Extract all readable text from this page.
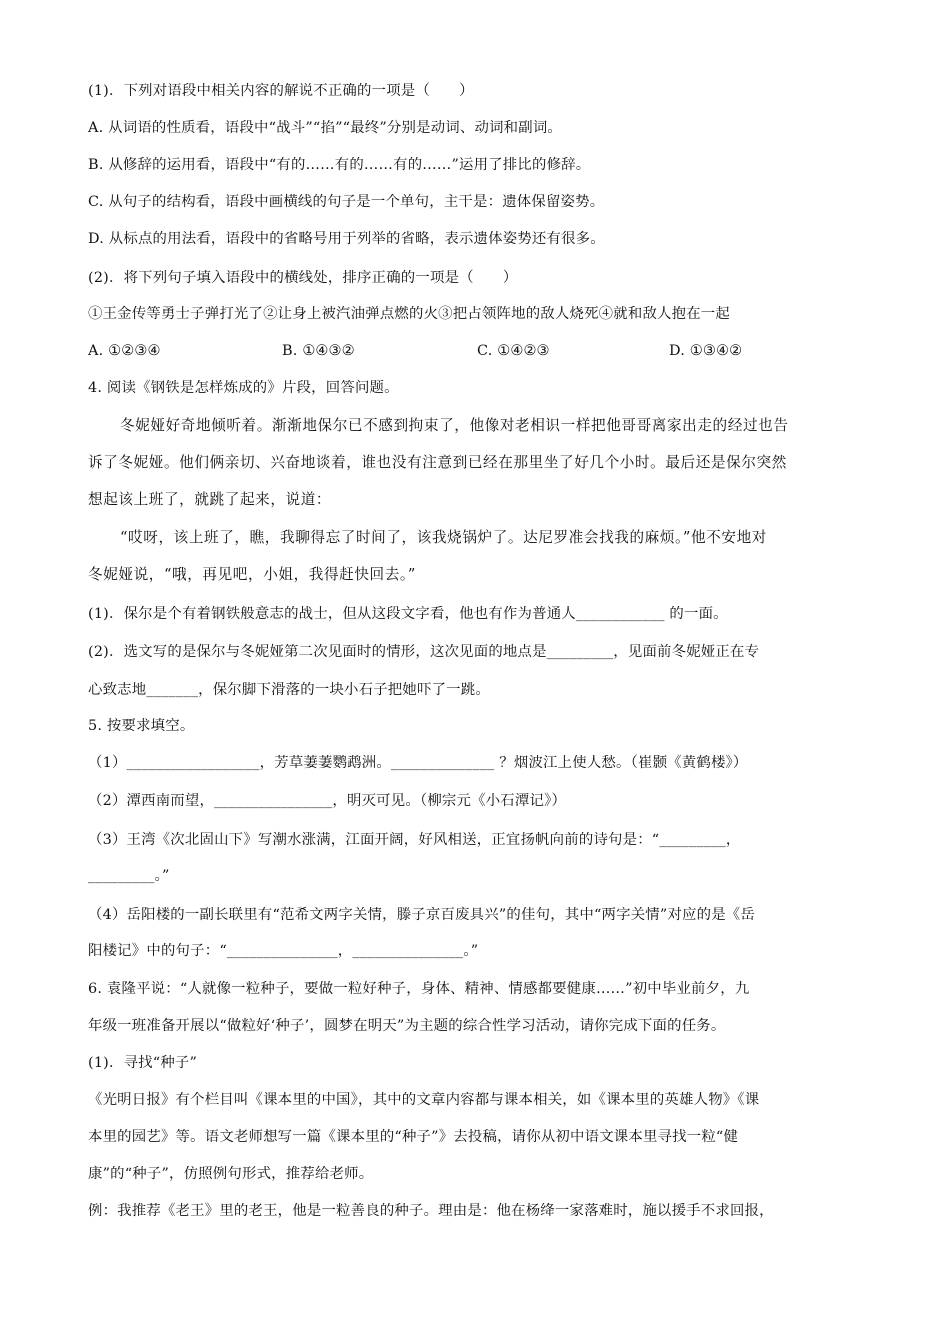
(1)．下列对语段中相关内容的解说不正确的一项是（　　）
A. 从词语的性质看，语段中“战斗”“掐”“最终”分别是动词、动词和副词。
B. 从修辞的运用看，语段中“有的……有的……有的……”运用了排比的修辞。
C. 从句子的结构看，语段中画横线的句子是一个单句，主干是：遗体保留姿势。
D. 从标点的用法看，语段中的省略号用于列举的省略，表示遗体姿势还有很多。
(2)．将下列句子填入语段中的横线处，排序正确的一项是（　　）
①王金传等勇士子弹打光了②让身上被汽油弹点燃的火③把占领阵地的敌人烧死④就和敌人抱在一起
A. ①②③④	B. ①④③②	C. ①④②③	D. ①③④②
4. 阅读《钢铁是怎样炼成的》片段，回答问题。
冬妮娅好奇地倾听着。渐渐地保尔已不感到拘束了，他像对老相识一样把他哥哥离家出走的经过也告
诉了冬妮娅。他们俩亲切、兴奋地谈着，谁也没有注意到已经在那里坐了好几个小时。最后还是保尔突然
想起该上班了，就跳了起来，说道：
“哎呀，该上班了，瞧，我聊得忘了时间了，该我烧锅炉了。达尼罗准会找我的麻烦。”他不安地对
冬妮娅说，“哦，再见吧，小姐，我得赶快回去。”
(1)．保尔是个有着钢铁般意志的战士，但从这段文字看，他也有作为普通人____________ 的一面。
(2)．选文写的是保尔与冬妮娅第二次见面时的情形，这次见面的地点是_________，见面前冬妮娅正在专
心致志地_______，保尔脚下滑落的一块小石子把她吓了一跳。
5. 按要求填空。
（1）__________________，芳草萋萋鹦鹉洲。______________ ？烟波江上使人愁。（崔颢《黄鹤楼》）
（2）潭西南而望，________________，明灭可见。（柳宗元《小石潭记》）
（3）王湾《次北固山下》写潮水涨满，江面开阔，好风相送，正宜扬帆向前的诗句是：“_________，
_________。”
（4）岳阳楼的一副长联里有“范希文两字关情，滕子京百废具兴”的佳句，其中“两字关情”对应的是《岳
阳楼记》中的句子：“_______________，_______________。”
6. 袁隆平说：“人就像一粒种子，要做一粒好种子，身体、精神、情感都要健康……”初中毕业前夕，九
年级一班准备开展以“做粒好‘种子’，圆梦在明天”为主题的综合性学习活动，请你完成下面的任务。
(1)．寻找“种子”
《光明日报》有个栏目叫《课本里的中国》，其中的文章内容都与课本相关，如《课本里的英雄人物》《课
本里的园艺》等。语文老师想写一篇《课本里的“种子”》去投稿，请你从初中语文课本里寻找一粒“健
康”的“种子”，仿照例句形式，推荐给老师。
例：我推荐《老王》里的老王，他是一粒善良的种子。理由是：他在杨绛一家落难时，施以援手不求回报，
